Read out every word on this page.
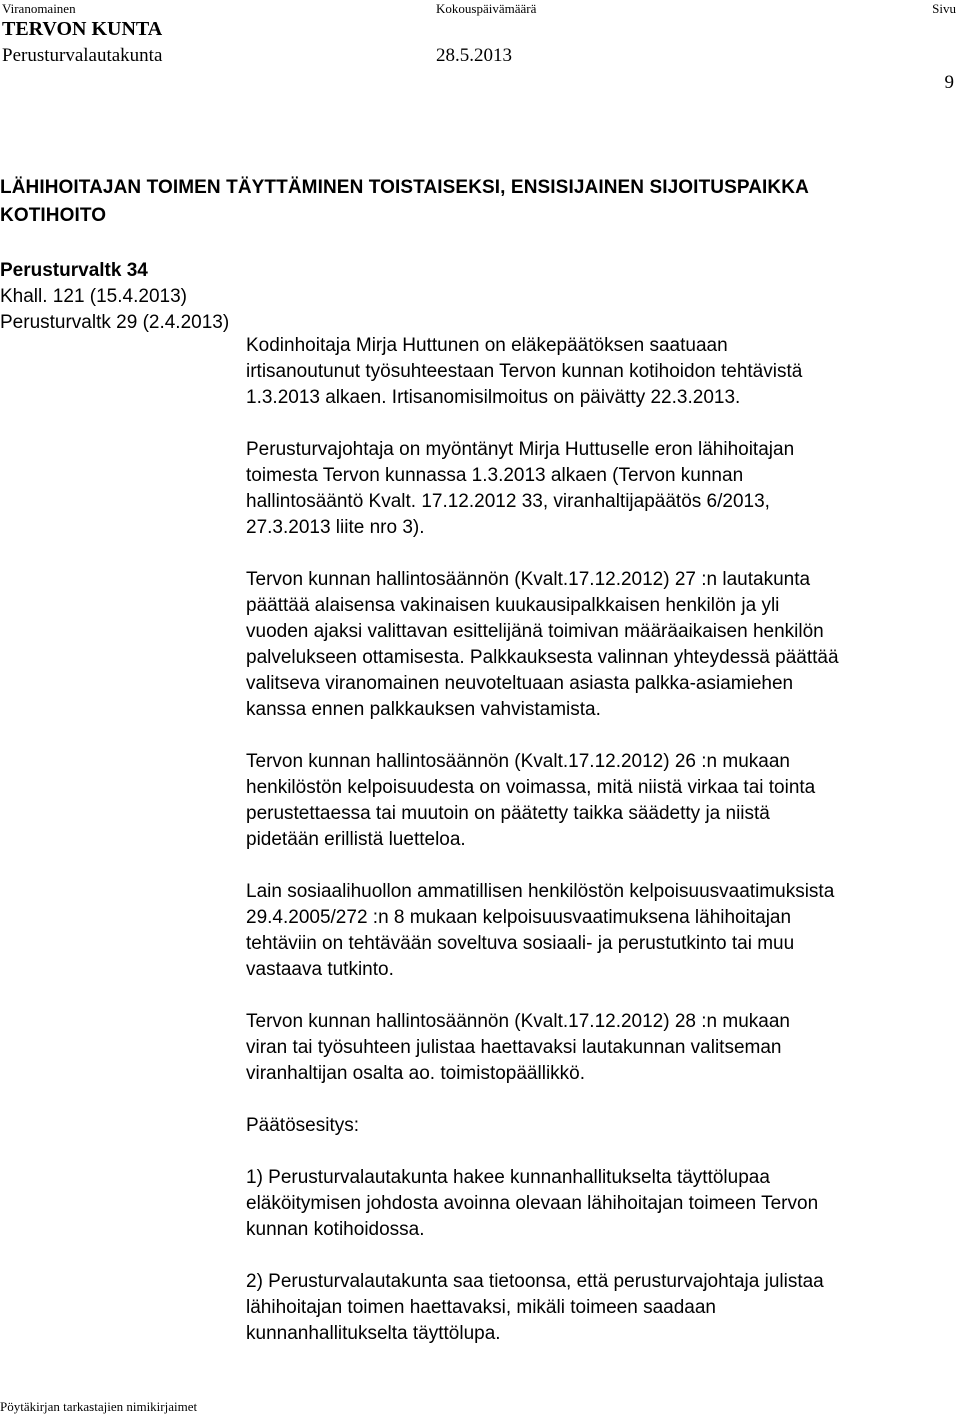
Viranomainen	Kokouspäivämäärä	Sivu
TERVON KUNTA
Perusturvalautakunta	28.5.2013
9
LÄHIHOITAJAN TOIMEN TÄYTTÄMINEN TOISTAISEKSI, ENSISIJAINEN SIJOITUSPAIKKA
KOTIHOITO
Perusturvaltk 34
Khall. 121 (15.4.2013)
Perusturvaltk 29 (2.4.2013)

Kodinhoitaja Mirja Huttunen on eläkepäätöksen saatuaan
irtisanoutunut työsuhteestaan Tervon kunnan kotihoidon tehtävistä
1.3.2013 alkaen. Irtisanomisilmoitus on päivätty 22.3.2013.

Perusturvajohtaja on myöntänyt Mirja Huttuselle eron lähihoitajan
toimesta Tervon kunnassa 1.3.2013 alkaen (Tervon kunnan
hallintosääntö Kvalt. 17.12.2012 33, viranhaltijapäätös 6/2013,
27.3.2013 liite nro 3).

Tervon kunnan hallintosäännön (Kvalt.17.12.2012) 27 :n lautakunta
päättää alaisensa vakinaisen kuukausipalkkaisen henkilön ja yli
vuoden ajaksi valittavan esittelijänä toimivan määräaikaisen henkilön
palvelukseen ottamisesta. Palkkauksesta valinnan yhteydessä päättää
valitseva viranomainen neuvoteltuaan asiasta palkka-asiamiehen
kanssa ennen palkkauksen vahvistamista.

Tervon kunnan hallintosäännön (Kvalt.17.12.2012) 26 :n mukaan
henkilöstön kelpoisuudesta on voimassa, mitä niistä virkaa tai tointa
perustettaessa tai muutoin on päätetty taikka säädetty ja niistä
pidetään erillistä luetteloa.

Lain sosiaalihuollon ammatillisen henkilöstön kelpoisuusvaatimuksista
29.4.2005/272 :n 8 mukaan kelpoisuusvaatimuksena lähihoitajan
tehtäviin on tehtävään soveltuva sosiaali- ja perustutkinto tai muu
vastaava tutkinto.

Tervon kunnan hallintosäännön (Kvalt.17.12.2012) 28 :n mukaan
viran tai työsuhteen julistaa haettavaksi lautakunnan valitseman
viranhaltijan osalta ao. toimistopäällikkö.

Päätösesitys:

1) Perusturvalautakunta hakee kunnanhallitukselta täyttölupaa
eläköitymisen johdosta avoinna olevaan lähihoitajan toimeen Tervon
kunnan kotihoidossa.

2) Perusturvalautakunta saa tietoonsa, että perusturvajohtaja julistaa
lähihoitajan toimen haettavaksi, mikäli toimeen saadaan
kunnanhallitukselta täyttölupa.

Pöytäkirjan tarkastajien nimikirjaimet
